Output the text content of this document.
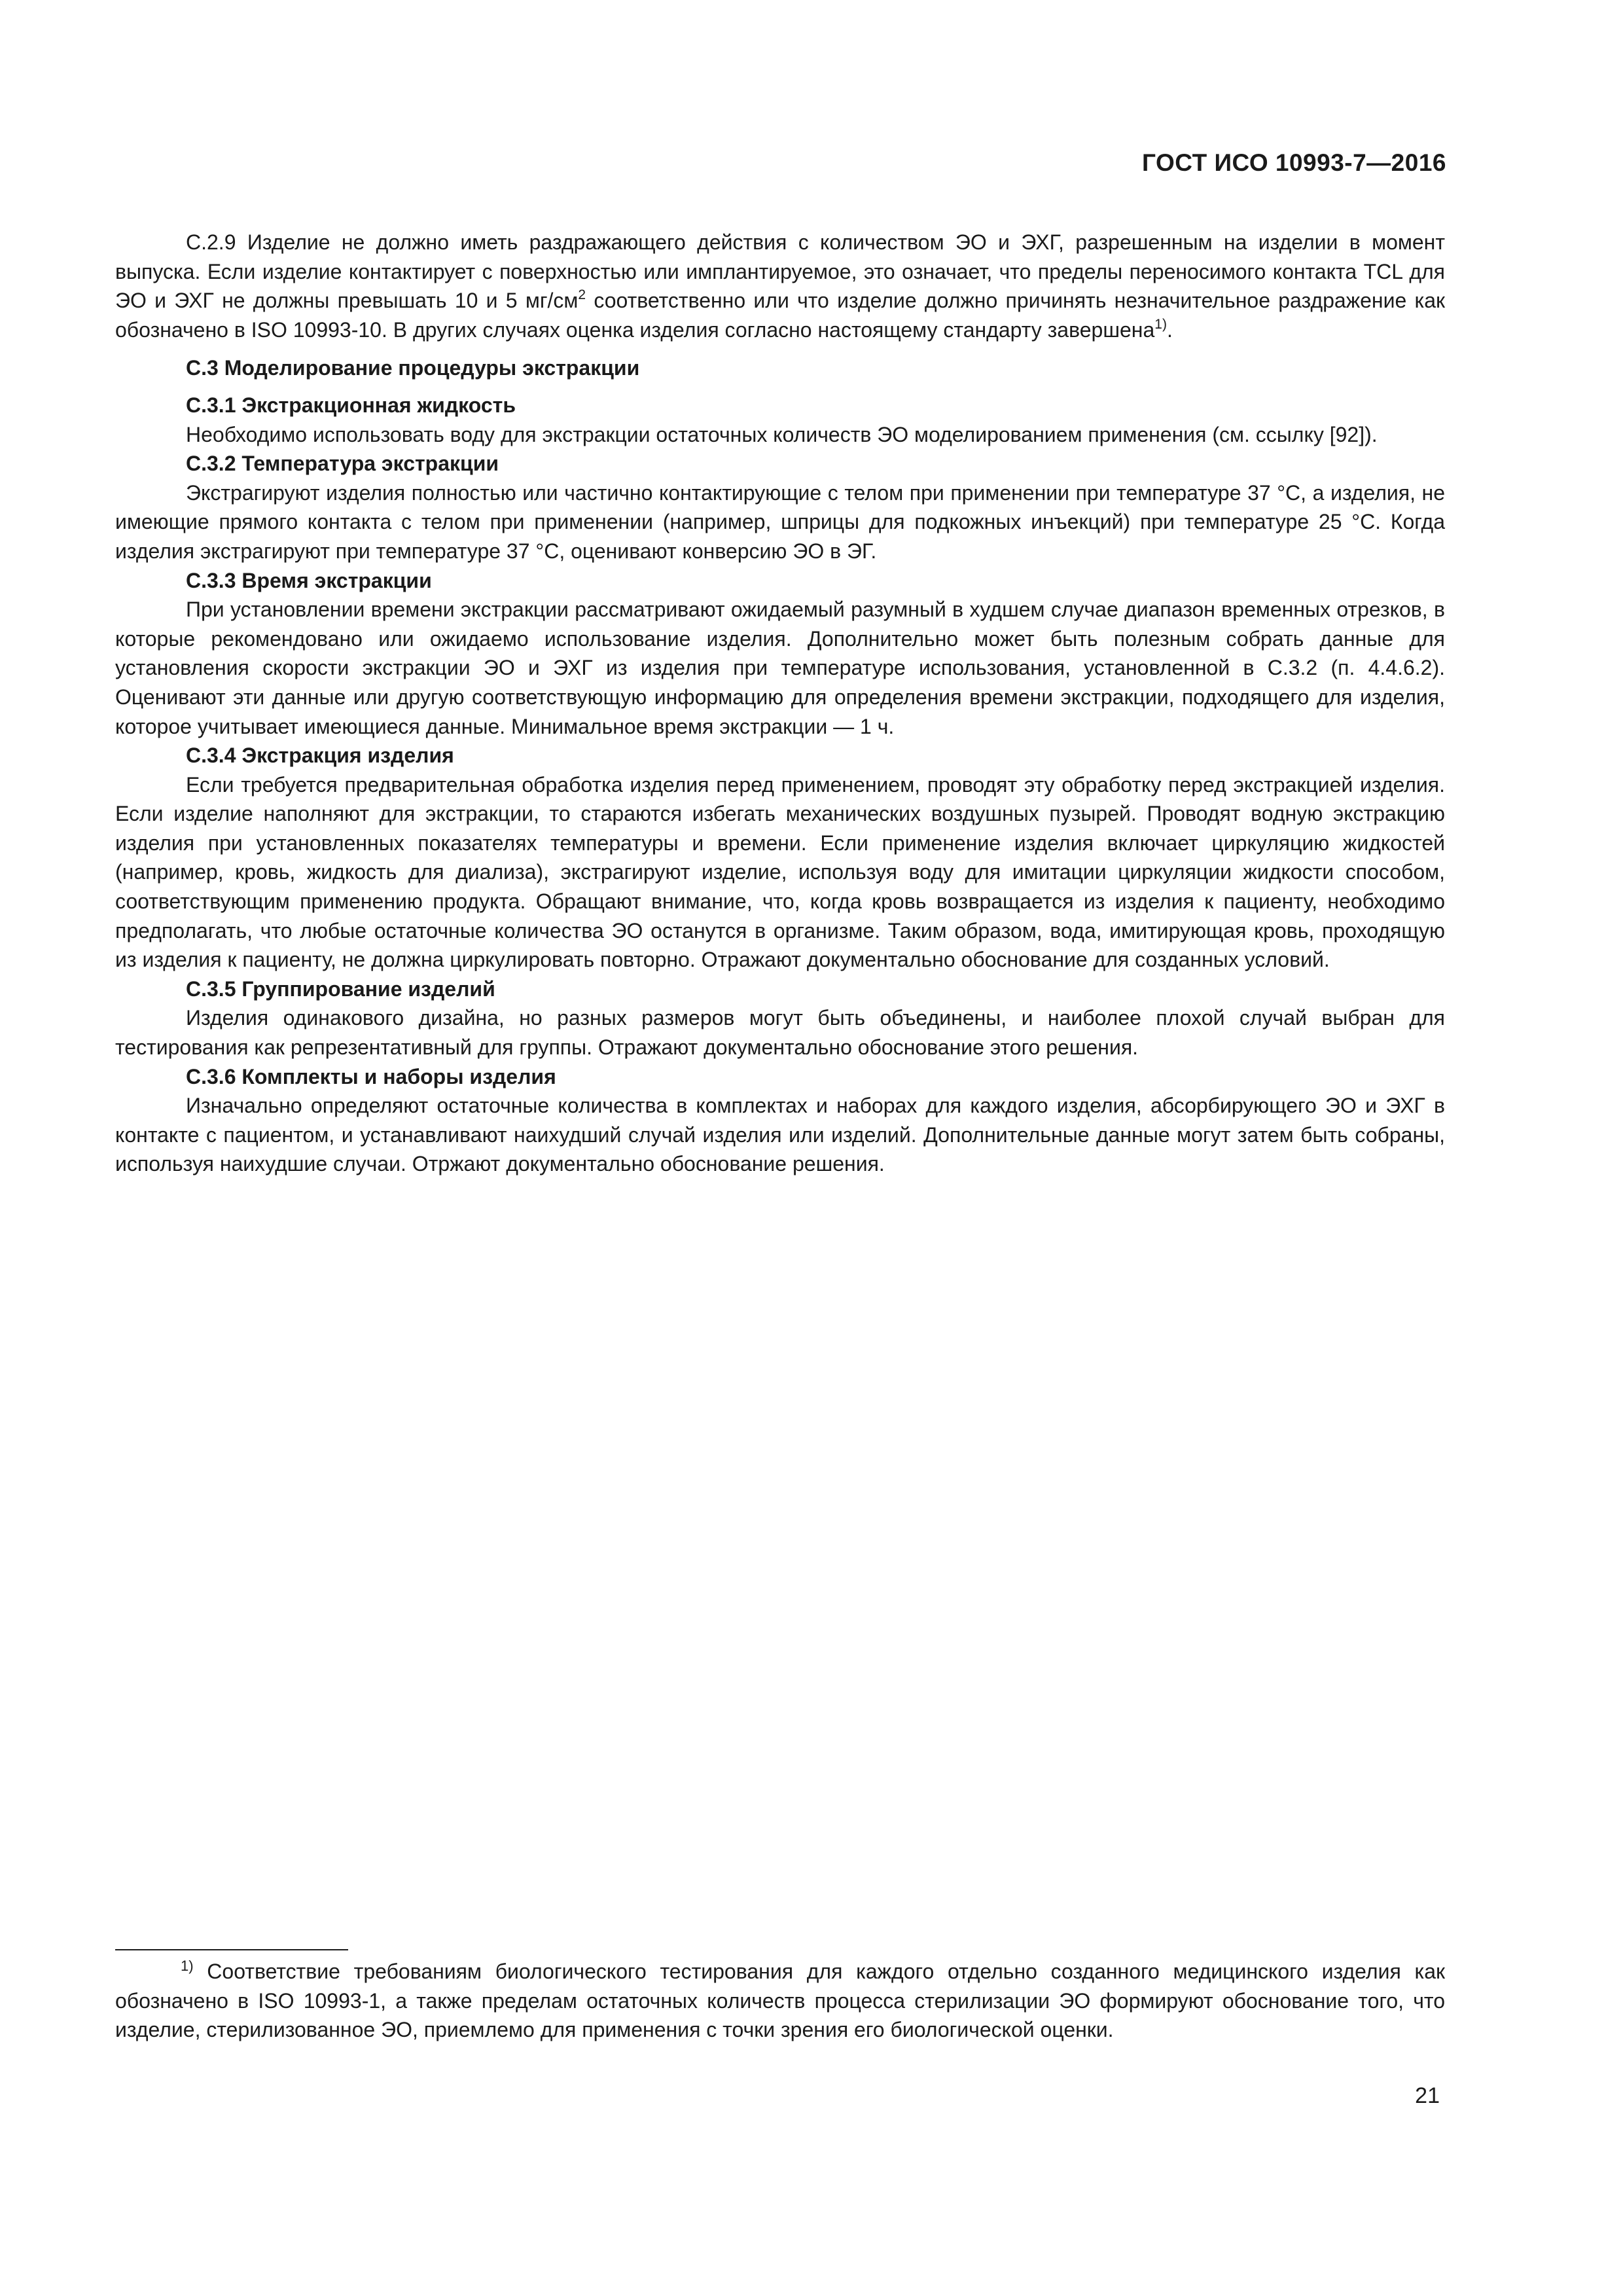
ГОСТ ИСО 10993-7—2016

С.2.9 Изделие не должно иметь раздражающего действия с количеством ЭО и ЭХГ, разрешенным на изделии в момент выпуска. Если изделие контактирует с поверхностью или имплантируемое, это означает, что пределы переносимого контакта TCL для ЭО и ЭХГ не должны превышать 10 и 5 $мг/см^2$ соответственно или что изделие должно причинять незначительное раздражение как обозначено в ISO 10993-10. В других случаях оценка изделия согласно настоящему стандарту завершена$^{1)}$.

С.3 Моделирование процедуры экстракции
С.3.1 Экстракционная жидкость

Необходимо использовать воду для экстракции остаточных количеств ЭО моделированием применения (см. ссылку [92]).

С.3.2 Температура экстракции

Экстрагируют изделия полностью или частично контактирующие с телом при применении при температуре 37 °С, а изделия, не имеющие прямого контакта с телом при применении (например, шприцы для подкожных инъекций) при температуре 25 °С. Когда изделия экстрагируют при температуре 37 °С, оценивают конверсию ЭО в ЭГ.

С.3.3 Время экстракции

При установлении времени экстракции рассматривают ожидаемый разумный в худшем случае диапазон временных отрезков, в которые рекомендовано или ожидаемо использование изделия. Дополнительно может быть полезным собрать данные для установления скорости экстракции ЭО и ЭХГ из изделия при температуре использования, установленной в С.3.2 (п. 4.4.6.2). Оценивают эти данные или другую соответствующую информацию для определения времени экстракции, подходящего для изделия, которое учитывает имеющиеся данные. Минимальное время экстракции — 1 ч.

С.3.4 Экстракция изделия

Если требуется предварительная обработка изделия перед применением, проводят эту обработку перед экстракцией изделия. Если изделие наполняют для экстракции, то стараются избегать механических воздушных пузырей. Проводят водную экстракцию изделия при установленных показателях температуры и времени. Если применение изделия включает циркуляцию жидкостей (например, кровь, жидкость для диализа), экстрагируют изделие, используя воду для имитации циркуляции жидкости способом, соответствующим применению продукта. Обращают внимание, что, когда кровь возвращается из изделия к пациенту, необходимо предполагать, что любые остаточные количества ЭО останутся в организме. Таким образом, вода, имитирующая кровь, проходящую из изделия к пациенту, не должна циркулировать повторно. Отражают документально обоснование для созданных условий.

С.3.5 Группирование изделий

Изделия одинакового дизайна, но разных размеров могут быть объединены, и наиболее плохой случай выбран для тестирования как репрезентативный для группы. Отражают документально обоснование этого решения.

С.3.6 Комплекты и наборы изделия

Изначально определяют остаточные количества в комплектах и наборах для каждого изделия, абсорбирующего ЭО и ЭХГ в контакте с пациентом, и устанавливают наихудший случай изделия или изделий. Дополнительные данные могут затем быть собраны, используя наихудшие случаи. Отржают документально обоснование решения.

$^{1)}$ Соответствие требованиям биологического тестирования для каждого отдельно созданного медицинского изделия как обозначено в ISO 10993-1, а также пределам остаточных количеств процесса стерилизации ЭО формируют обоснование того, что изделие, стерилизованное ЭО, приемлемо для применения с точки зрения его биологической оценки.
21
